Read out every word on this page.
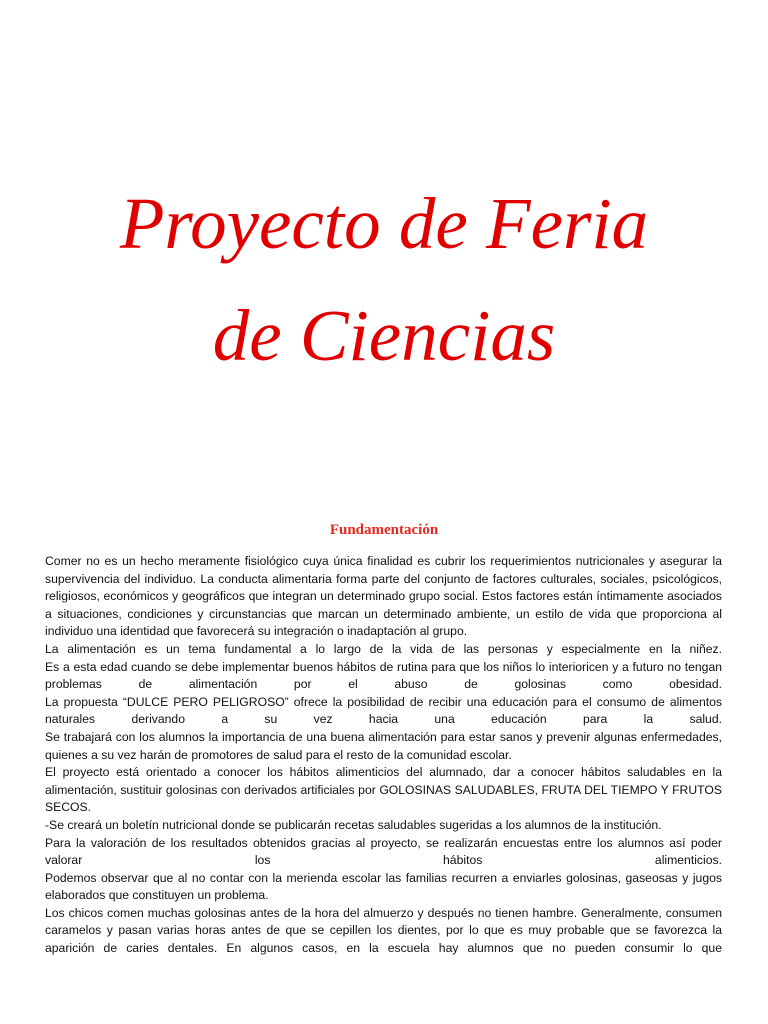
Proyecto de Feria
de Ciencias
Fundamentación

Comer no es un hecho meramente fisiológico cuya única finalidad es cubrir los requerimientos nutricionales y asegurar la supervivencia del individuo. La conducta alimentaria forma parte del conjunto de factores culturales, sociales, psicológicos, religiosos, económicos y geográficos que integran un determinado grupo social. Estos factores están íntimamente asociados a situaciones, condiciones y circunstancias que marcan un determinado ambiente, un estilo de vida que proporciona al individuo una identidad que favorecerá su integración o inadaptación al grupo.

La alimentación es un tema fundamental a lo largo de la vida de las personas y especialmente en la niñez.

Es a esta edad cuando se debe implementar buenos hábitos de rutina para que los niños lo interioricen y a futuro no tengan problemas de alimentación por el abuso de golosinas como obesidad.

La propuesta “DULCE PERO PELIGROSO” ofrece la posibilidad de recibir una educación para el consumo de alimentos naturales derivando a su vez hacia una educación para la salud.

Se trabajará con los alumnos la importancia de una buena alimentación para estar sanos y prevenir algunas enfermedades, quienes a su vez harán de promotores de salud para el resto de la comunidad escolar.

El proyecto está orientado a conocer los hábitos alimenticios del alumnado, dar a conocer hábitos saludables en la alimentación, sustituir golosinas con derivados artificiales por GOLOSINAS SALUDABLES, FRUTA DEL TIEMPO Y FRUTOS SECOS.

-Se creará un boletín nutricional donde se publicarán recetas saludables sugeridas a los alumnos de la institución.

Para la valoración de los resultados obtenidos gracias al proyecto, se realizarán encuestas entre los alumnos así poder valorar los hábitos alimenticios.

Podemos observar que al no contar con la merienda escolar las familias recurren a enviarles golosinas, gaseosas y jugos elaborados que constituyen un problema.

Los chicos comen muchas golosinas antes de la hora del almuerzo y después no tienen hambre. Generalmente, consumen caramelos y pasan varias horas antes de que se cepillen los dientes, por lo que es muy probable que se favorezca la aparición de caries dentales. En algunos casos, en la escuela hay alumnos que no pueden consumir lo que
